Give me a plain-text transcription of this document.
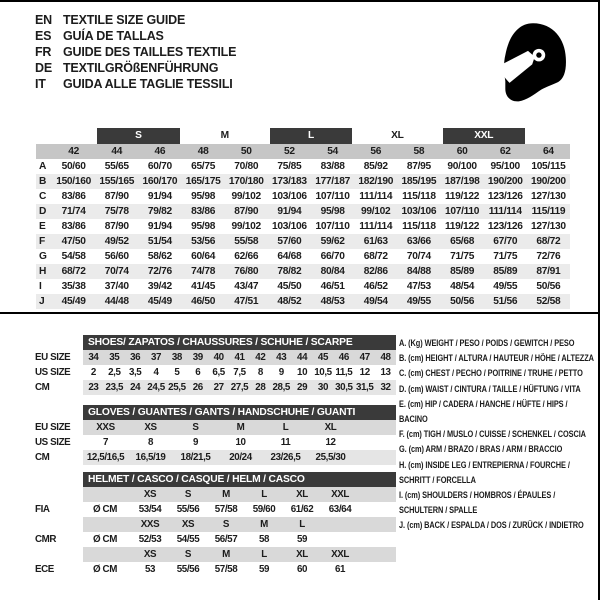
EN TEXTILE SIZE GUIDE
ES GUÍA DE TALLAS
FR GUIDE DES TAILLES TEXTILE
DE TEXTILGRÖßENFÜHRUNG
IT	GUIDA ALLE TAGLIE TESSILI
S	M	L	XL	XXL
42	44	46	48	50	52	54	56	58	60	62	64
A	50/60	55/65	60/70	65/75	70/80	75/85	83/88	85/92	87/95	90/100	95/100	105/115
B 150/160 155/165 160/170 165/175 170/180 173/183 177/187 182/190 185/195 187/198 190/200 190/200
C	83/86	87/90	91/94	95/98	99/102	103/106 107/110 111/114 115/118 119/122 123/126 127/130
D	71/74	75/78	79/82	83/86	87/90	91/94	95/98	99/102	103/106 107/110 111/114 115/119
E	83/86	87/90	91/94	95/98	99/102	103/106 107/110 111/114 115/118 119/122 123/126 127/130
F	47/50	49/52	51/54	53/56	55/58	57/60	59/62	61/63	63/66	65/68	67/70	68/72
G	54/58	56/60	58/62	60/64	62/66	64/68	66/70	68/72	70/74	71/75	71/75	72/76
H	68/72	70/74	72/76	74/78	76/80	78/82	80/84	82/86	84/88	85/89	85/89	87/91
I	35/38	37/40	39/42	41/45	43/47	45/50	46/51	46/52	47/53	48/54	49/55	50/56
J	45/49	44/48	45/49	46/50	47/51	48/52	48/53	49/54	49/55	50/56	51/56	52/58
SHOES/ ZAPATOS / CHAUSSURES / SCHUHE / SCARPE
EU SIZE	34	35	36	37	38	39	40	41	42	43	44	45	46	47	48
US SIZE	2	2,5 3,5	4	5	6	6,5 7,5	8	9	10 10,5 11,5 12	13
CM	23 23,5 24 24,5 25,5 26	27 27,5 28 28,5 29	30 30,5 31,5 32
GLOVES / GUANTES / GANTS / HANDSCHUHE / GUANTI
EU SIZE	XXS	XS	S	M	L	XL
US SIZE	7	8	9	10	11	12
CM	12,5/16,5	16,5/19	18/21,5	20/24	23/26,5	25,5/30
HELMET / CASCO / CASQUE / HELM / CASCO
XS	S	M	L	XL	XXL
FIA	Ø CM	53/54	55/56	57/58	59/60	61/62	63/64
XXS	XS	S	M	L
CMR	Ø CM	52/53	54/55	56/57	58	59
XS	S	M	L	XL	XXL
ECE	Ø CM	53	55/56	57/58	59	60	61
A. (Kg) WEIGHT / PESO / POIDS / GEWITCH / PESO
B. (cm) HEIGHT / ALTURA / HAUTEUR / HÖHE / ALTEZZA
C. (cm) CHEST / PECHO / POITRINE / TRUHE / PETTO
D. (cm) WAIST / CINTURA / TAILLE / HÜFTUNG / VITA
E. (cm) HIP / CADERA / HANCHE / HÜFTE / HIPS / BACINO
F. (cm) TIGH / MUSLO / CUISSE / SCHENKEL / COSCIA
G. (cm) ARM / BRAZO / BRAS / ARM / BRACCIO
H. (cm) INSIDE LEG / ENTREPIERNA / FOURCHE / SCHRITT / FORCELLA
I. (cm) SHOULDERS / HOMBROS / ÉPAULES / SCHULTERN / SPALLE
J. (cm) BACK / ESPALDA / DOS / ZURÜCK / INDIETRO
